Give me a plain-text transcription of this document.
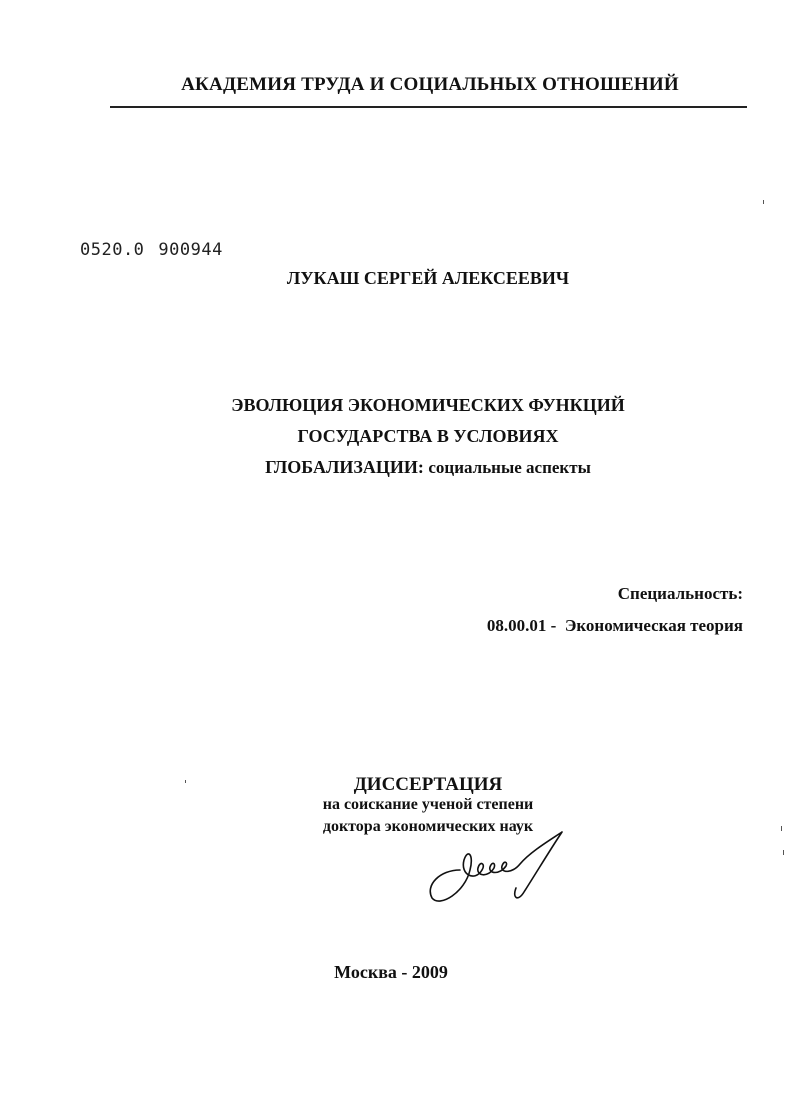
АКАДЕМИЯ ТРУДА И СОЦИАЛЬНЫХ ОТНОШЕНИЙ
0520.0 900944
ЛУКАШ СЕРГЕЙ АЛЕКСЕЕВИЧ
ЭВОЛЮЦИЯ ЭКОНОМИЧЕСКИХ ФУНКЦИЙ
ГОСУДАРСТВА В УСЛОВИЯХ
ГЛОБАЛИЗАЦИИ: социальные аспекты
Специальность:
08.00.01 - Экономическая теория
ДИССЕРТАЦИЯ
на соискание ученой степени
доктора экономических наук
Москва - 2009
